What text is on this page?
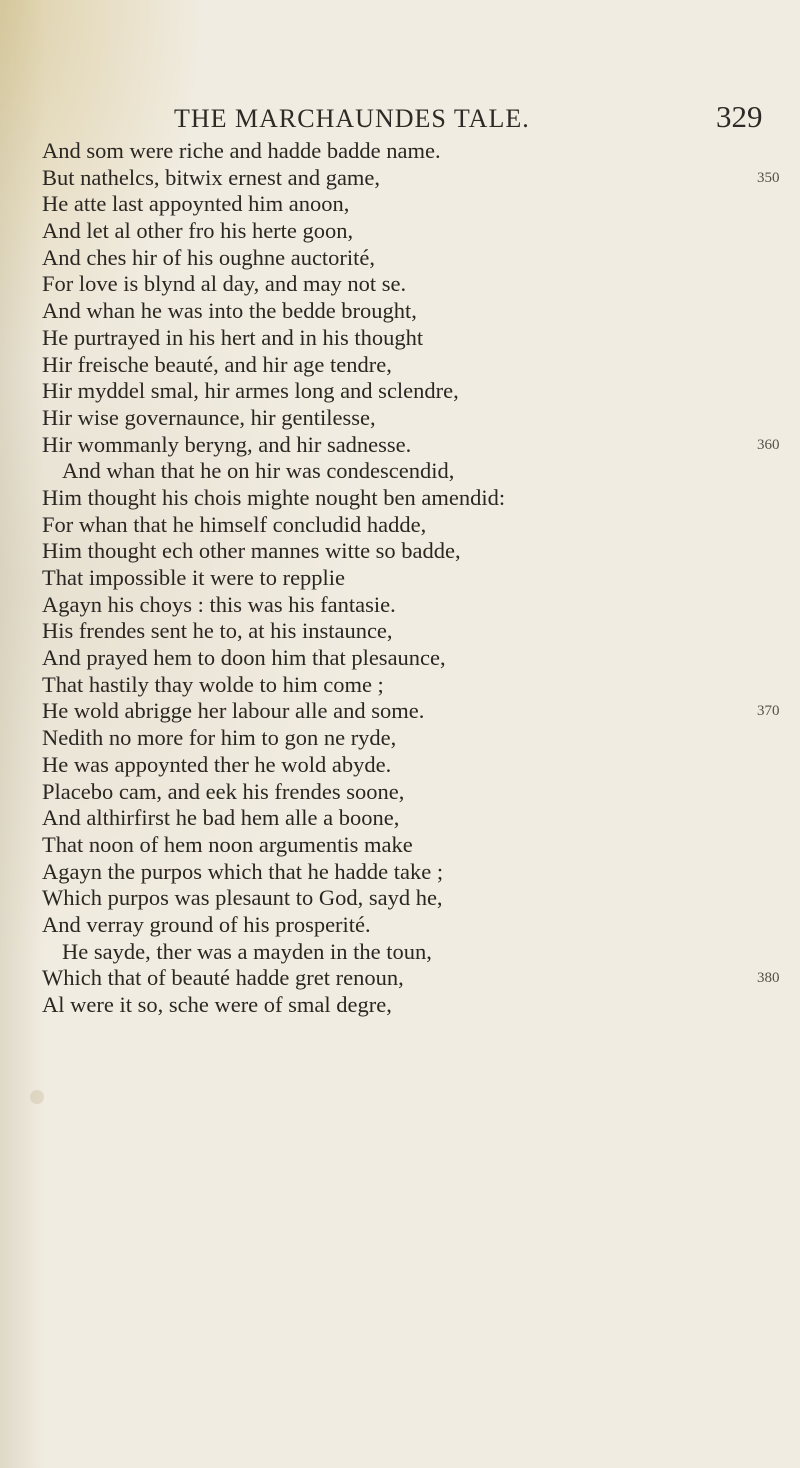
THE MARCHAUNDES TALE.	329
And som were riche and hadde badde name.
But nathelcs, bitwix ernest and game,	350
He atte last appoynted him anoon,
And let al other fro his herte goon,
And ches hir of his oughne auctorité,
For love is blynd al day, and may not se.
And whan he was into the bedde brought,
He purtrayed in his hert and in his thought
Hir freische beauté, and hir age tendre,
Hir myddel smal, hir armes long and sclendre,
Hir wise governaunce, hir gentilesse,
Hir wommanly beryng, and hir sadnesse.	360
And whan that he on hir was condescendid,
Him thought his chois mighte nought ben amendid:
For whan that he himself concludid hadde,
Him thought ech other mannes witte so badde,
That impossible it were to repplie
Agayn his choys : this was his fantasie.
His frendes sent he to, at his instaunce,
And prayed hem to doon him that plesaunce,
That hastily thay wolde to him come ;
He wold abrigge her labour alle and some.	370
Nedith no more for him to gon ne ryde,
He was appoynted ther he wold abyde.
Placebo cam, and eek his frendes soone,
And althirfirst he bad hem alle a boone,
That noon of hem noon argumentis make
Agayn the purpos which that he hadde take ;
Which purpos was plesaunt to God, sayd he,
And verray ground of his prosperité.
He sayde, ther was a mayden in the toun,
Which that of beauté hadde gret renoun,	380
Al were it so, sche were of smal degre,
